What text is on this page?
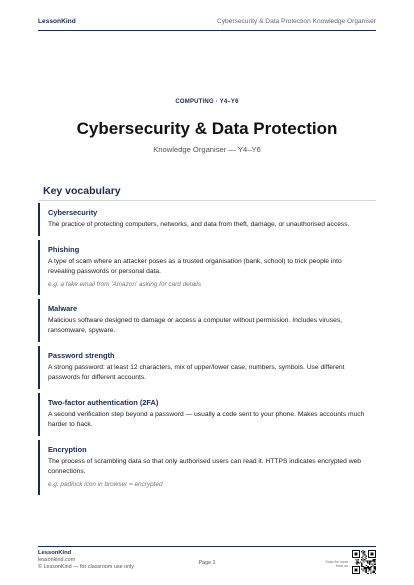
LessonKind	Cybersecurity & Data Protection Knowledge Organiser
COMPUTING · Y4–Y6
Cybersecurity & Data Protection
Knowledge Organiser — Y4–Y6
Key vocabulary
Cybersecurity
The practice of protecting computers, networks, and data from theft, damage, or unauthorised access.
Phishing
A type of scam where an attacker poses as a trusted organisation (bank, school) to trick people into revealing passwords or personal data.
e.g. a fake email from 'Amazon' asking for card details
Malware
Malicious software designed to damage or access a computer without permission. Includes viruses, ransomware, spyware.
Password strength
A strong password: at least 12 characters, mix of upper/lower case, numbers, symbols. Use different passwords for different accounts.
Two-factor authentication (2FA)
A second verification step beyond a password — usually a code sent to your phone. Makes accounts much harder to hack.
Encryption
The process of scrambling data so that only authorised users can read it. HTTPS indicates encrypted web connections.
e.g. padlock icon in browser = encrypted
LessonKind
lessonkind.com
© LessonKind — for classroom use only
Page 1	Scan for more from us
